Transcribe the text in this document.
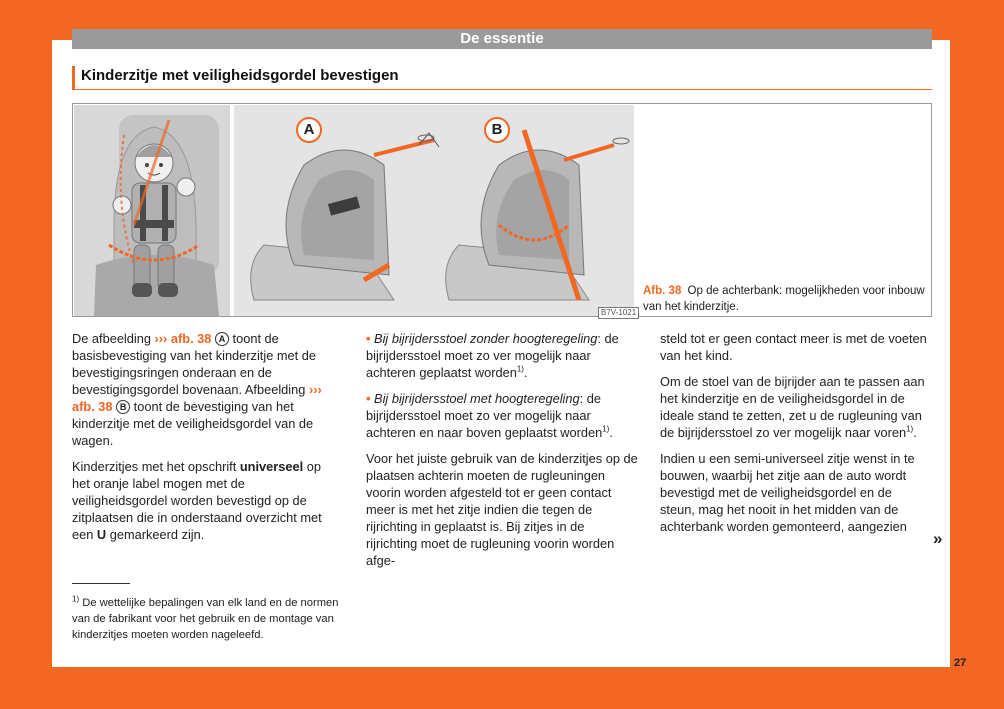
De essentie
Kinderzitje met veiligheidsgordel bevestigen
A	B
B7V-1021
Afb. 38 Op de achterbank: mogelijkheden voor inbouw van het kinderzitje.

De afbeelding ››› afb. 38 A toont de basisbevestiging van het kinderzitje met de bevestigingsringen onderaan en de bevestigingsgordel bovenaan. Afbeelding ››› afb. 38 B toont de bevestiging van het kinderzitje met de veiligheidsgordel van de wagen.

Kinderzitjes met het opschrift universeel op het oranje label mogen met de veiligheidsgordel worden bevestigd op de zitplaatsen die in onderstaand overzicht met een U gemarkeerd zijn.

• Bij bijrijdersstoel zonder hoogteregeling: de bijrijdersstoel moet zo ver mogelijk naar achteren geplaatst worden$^{1)}$.

• Bij bijrijdersstoel met hoogteregeling: de bijrijdersstoel moet zo ver mogelijk naar achteren en naar boven geplaatst worden$^{1)}$.

Voor het juiste gebruik van de kinderzitjes op de plaatsen achterin moeten de rugleuningen voorin worden afgesteld tot er geen contact meer is met het zitje indien die tegen de rijrichting in geplaatst is. Bij zitjes in de rijrichting moet de rugleuning voorin worden afge-

steld tot er geen contact meer is met de voeten van het kind.

Om de stoel van de bijrijder aan te passen aan het kinderzitje en de veiligheidsgordel in de ideale stand te zetten, zet u de rugleuning van de bijrijdersstoel zo ver mogelijk naar voren$^{1)}$.

Indien u een semi-universeel zitje wenst in te bouwen, waarbij het zitje aan de auto wordt bevestigd met de veiligheidsgordel en de steun, mag het nooit in het midden van de achterbank worden gemonteerd, aangezien

»
$^{1)}$ De wettelijke bepalingen van elk land en de normen van de fabrikant voor het gebruik en de montage van kinderzitjes moeten worden nageleefd.
27
